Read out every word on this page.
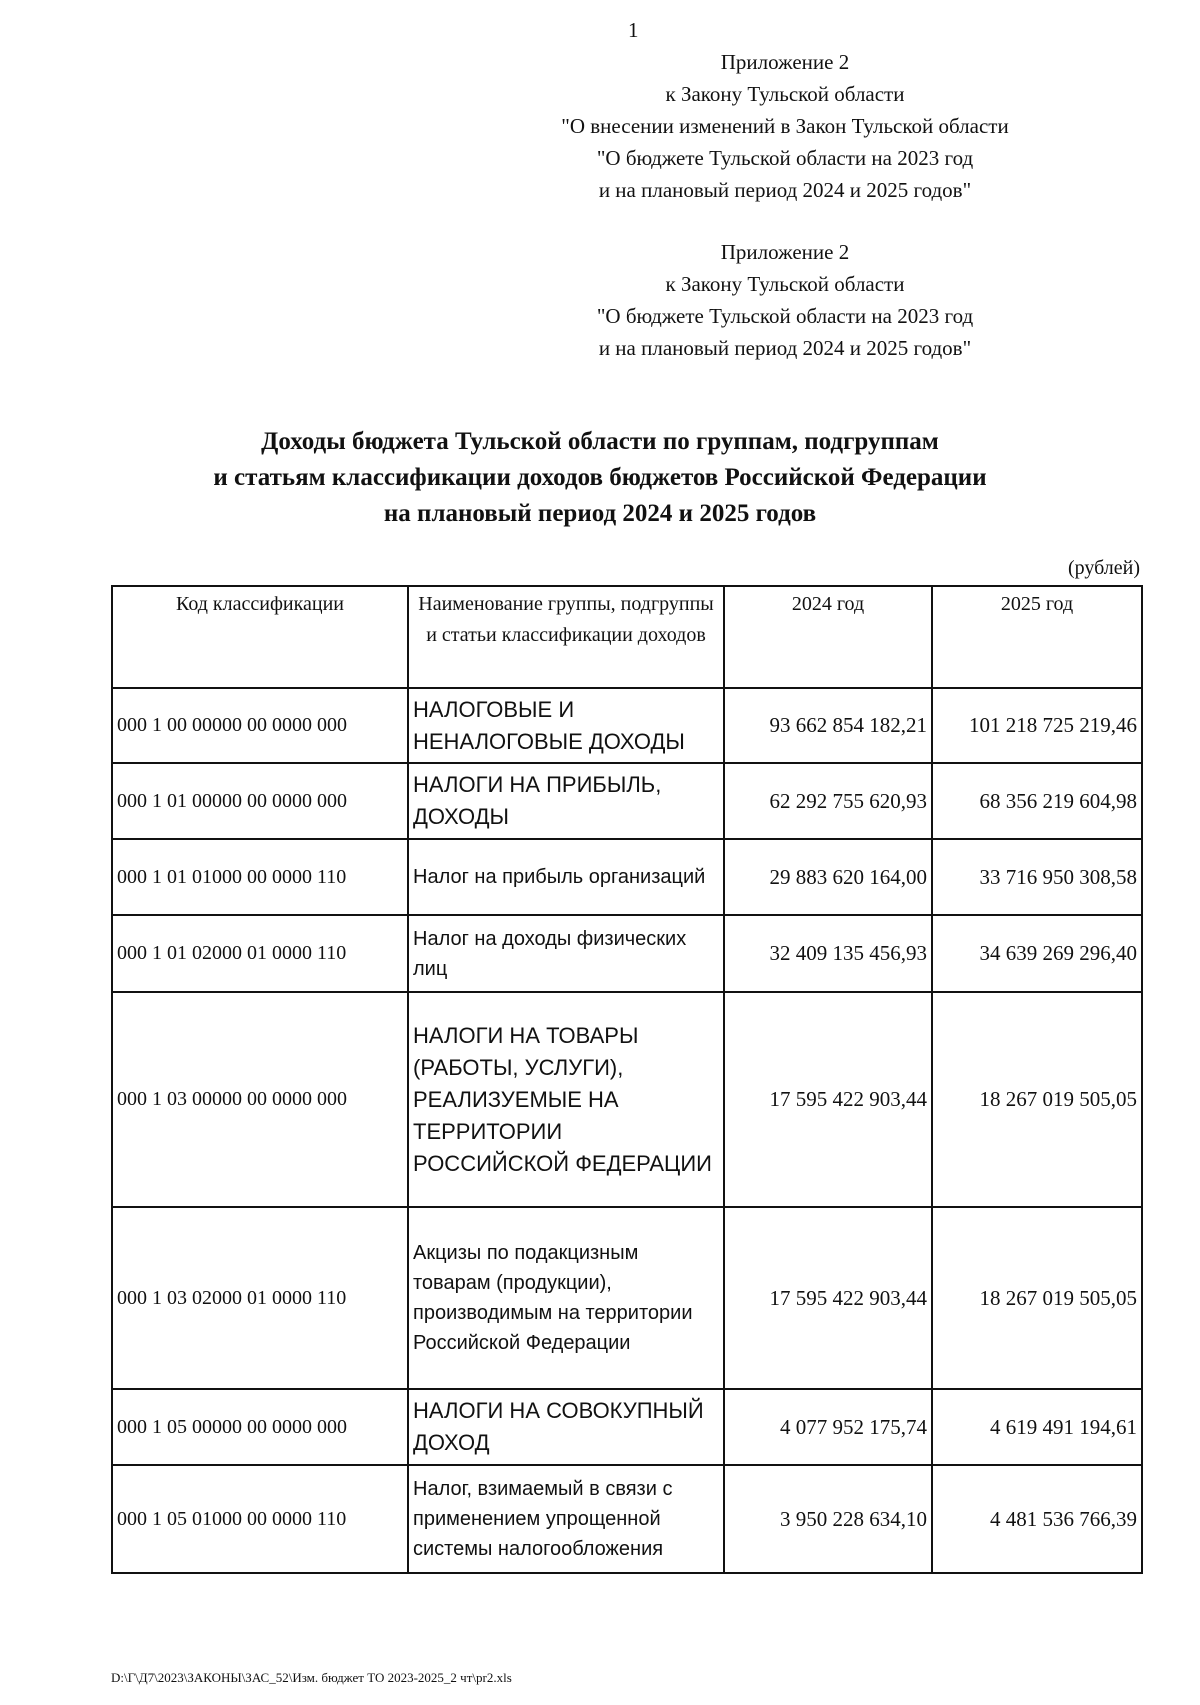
1
Приложение 2
к Закону Тульской области
"О внесении изменений в Закон Тульской области
"О бюджете Тульской области на 2023 год
и на плановый период 2024 и 2025 годов"
Приложение 2
к Закону Тульской области
"О бюджете Тульской области на 2023 год
и на плановый период 2024 и 2025 годов"
Доходы бюджета Тульской области по группам, подгруппам
и статьям классификации доходов бюджетов Российской Федерации
на плановый период 2024 и 2025 годов
(рублей)
Код классификации	Наименование группы, подгруппы и статьи классификации доходов	2024 год	2025 год
000 1 00 00000 00 0000 000	НАЛОГОВЫЕ И НЕНАЛОГОВЫЕ ДОХОДЫ	93 662 854 182,21	101 218 725 219,46
000 1 01 00000 00 0000 000	НАЛОГИ НА ПРИБЫЛЬ, ДОХОДЫ	62 292 755 620,93	68 356 219 604,98
000 1 01 01000 00 0000 110	Налог на прибыль организаций	29 883 620 164,00	33 716 950 308,58
000 1 01 02000 01 0000 110	Налог на доходы физических лиц	32 409 135 456,93	34 639 269 296,40
000 1 03 00000 00 0000 000	НАЛОГИ НА ТОВАРЫ (РАБОТЫ, УСЛУГИ), РЕАЛИЗУЕМЫЕ НА ТЕРРИТОРИИ РОССИЙСКОЙ ФЕДЕРАЦИИ	17 595 422 903,44	18 267 019 505,05
000 1 03 02000 01 0000 110	Акцизы по подакцизным товарам (продукции), производимым на территории Российской Федерации	17 595 422 903,44	18 267 019 505,05
000 1 05 00000 00 0000 000	НАЛОГИ НА СОВОКУПНЫЙ ДОХОД	4 077 952 175,74	4 619 491 194,61
000 1 05 01000 00 0000 110	Налог, взимаемый в связи с применением упрощенной системы налогообложения	3 950 228 634,10	4 481 536 766,39
D:\Г\Д7\2023\ЗАКОНЫ\ЗАС_52\Изм. бюджет ТО 2023-2025_2 чт\pr2.xls
